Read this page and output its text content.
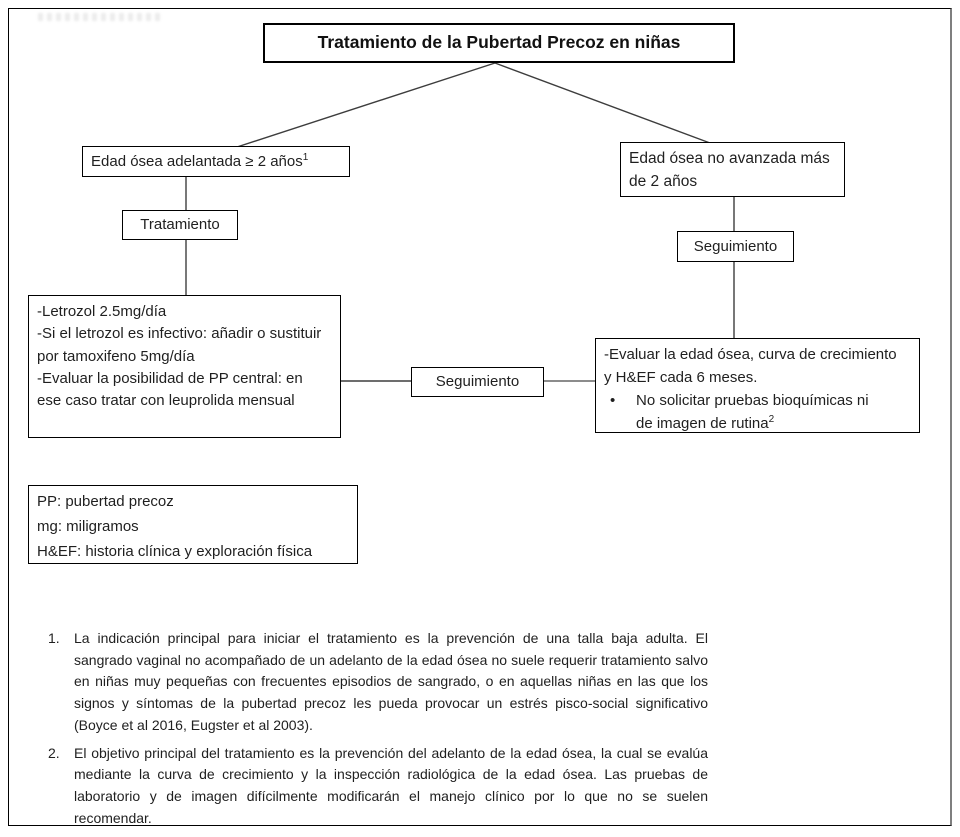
Tratamiento de la Pubertad Precoz en niñas
Edad ósea adelantada ≥ 2 años$^1$
Tratamiento
-Letrozol 2.5mg/día
-Si el letrozol es infectivo: añadir o sustituir por tamoxifeno 5mg/día
-Evaluar la posibilidad de PP central: en ese caso tratar con leuprolida mensual
Edad ósea no avanzada más de 2 años
Seguimiento
Seguimiento
-Evaluar la edad ósea, curva de crecimiento y H&EF cada 6 meses.
•	No solicitar pruebas bioquímicas ni de imagen de rutina$^2$
PP: pubertad precoz
mg: miligramos
H&EF: historia clínica y exploración física
1.	La indicación principal para iniciar el tratamiento es la prevención de una talla baja adulta. El sangrado vaginal no acompañado de un adelanto de la edad ósea no suele requerir tratamiento salvo en niñas muy pequeñas con frecuentes episodios de sangrado, o en aquellas niñas en las que los signos y síntomas de la pubertad precoz les pueda provocar un estrés pisco-social significativo (Boyce et al 2016, Eugster et al 2003).
2.	El objetivo principal del tratamiento es la prevención del adelanto de la edad ósea, la cual se evalúa mediante la curva de crecimiento y la inspección radiológica de la edad ósea. Las pruebas de laboratorio y de imagen difícilmente modificarán el manejo clínico por lo que no se suelen recomendar.
